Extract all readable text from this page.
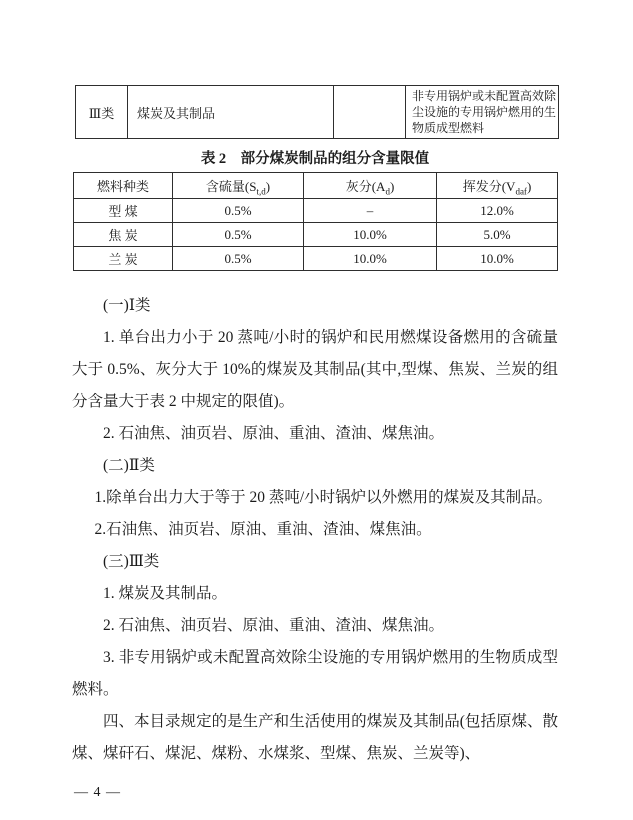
Ⅲ类	煤炭及其制品		非专用锅炉或未配置高效除尘设施的专用锅炉燃用的生物质成型燃料
表 2　部分煤炭制品的组分含量限值
燃料种类	含硫量$(S_{t,d})$	灰分$(A_d)$	挥发分$(V_{daf})$
型 煤	0.5%	–	12.0%
焦 炭	0.5%	10.0%	5.0%
兰 炭	0.5%	10.0%	10.0%

(一)Ⅰ类

1. 单台出力小于 20 蒸吨/小时的锅炉和民用燃煤设备燃用的含硫量大于 0.5%、灰分大于 10%的煤炭及其制品(其中,型煤、焦炭、兰炭的组分含量大于表 2 中规定的限值)。

2. 石油焦、油页岩、原油、重油、渣油、煤焦油。

(二)Ⅱ类

1.除单台出力大于等于 20 蒸吨/小时锅炉以外燃用的煤炭及其制品。

2.石油焦、油页岩、原油、重油、渣油、煤焦油。

(三)Ⅲ类

1. 煤炭及其制品。

2. 石油焦、油页岩、原油、重油、渣油、煤焦油。

3. 非专用锅炉或未配置高效除尘设施的专用锅炉燃用的生物质成型燃料。

四、本目录规定的是生产和生活使用的煤炭及其制品(包括原煤、散煤、煤矸石、煤泥、煤粉、水煤浆、型煤、焦炭、兰炭等)、

— 4 —
